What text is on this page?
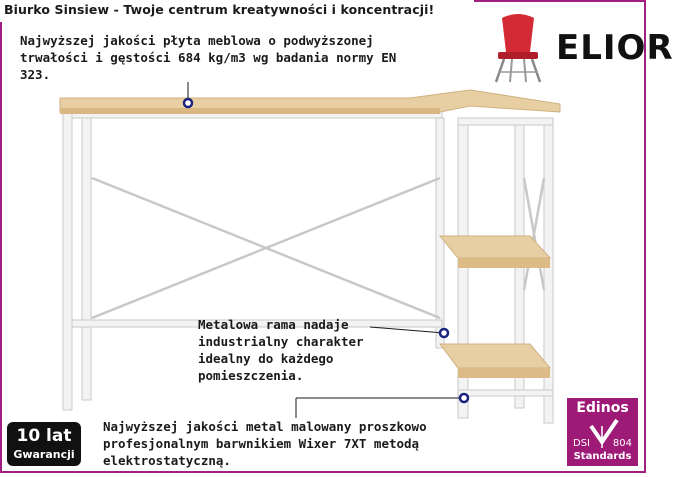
Biurko Sinsiew - Twoje centrum kreatywności i koncentracji!
ELIOR
Najwyższej jakości płyta meblowa o podwyższonej trwałości i gęstości 684 kg/m3 wg badania normy EN 323.
Metalowa rama nadaje industrialny charakter idealny do każdego pomieszczenia.
Najwyższej jakości metal malowany proszkowo profesjonalnym barwnikiem Wixer 7XT metodą elektrostatyczną.
10 lat
Gwarancji
Edinos
DSI 804
Standards
